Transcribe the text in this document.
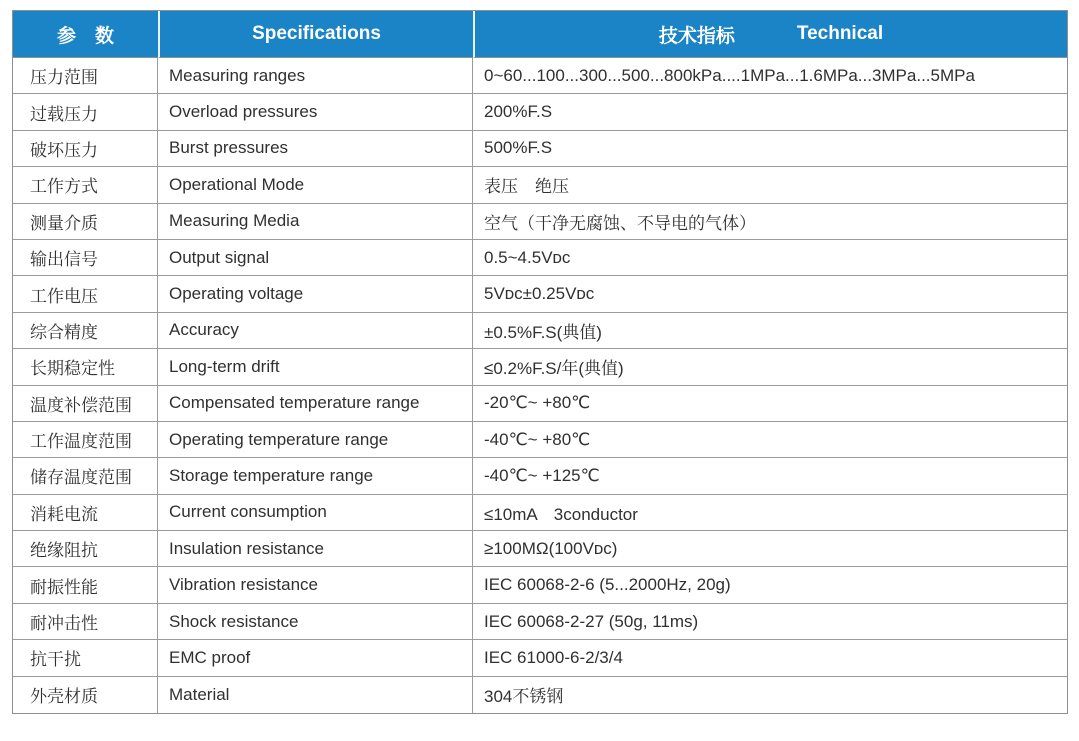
参　数	Specifications	技术指标 Technical

压力范围	Measuring ranges	0~60...100...300...500...800kPa....1MPa...1.6MPa...3MPa...5MPa
过载压力	Overload pressures	200%F.S
破坏压力	Burst pressures	500%F.S
工作方式	Operational Mode	表压　绝压
测量介质	Measuring Media	空气（干净无腐蚀、不导电的气体）
输出信号	Output signal	0.5~4.5Vᴅᴄ
工作电压	Operating voltage	5Vᴅᴄ±0.25Vᴅᴄ
综合精度	Accuracy	±0.5%F.S(典值)
长期稳定性	Long-term drift	≤0.2%F.S/年(典值)
温度补偿范围	Compensated temperature range	-20℃~ +80℃
工作温度范围	Operating temperature range	-40℃~ +80℃
储存温度范围	Storage temperature range	-40℃~ +125℃
消耗电流	Current consumption	≤10mA　3conductor
绝缘阻抗	Insulation resistance	≥100MΩ(100Vᴅᴄ)
耐振性能	Vibration resistance	IEC 60068-2-6 (5...2000Hz, 20g)
耐冲击性	Shock resistance	IEC 60068-2-27 (50g, 11ms)
抗干扰	EMC proof	IEC 61000-6-2/3/4
外壳材质	Material	304不锈钢
